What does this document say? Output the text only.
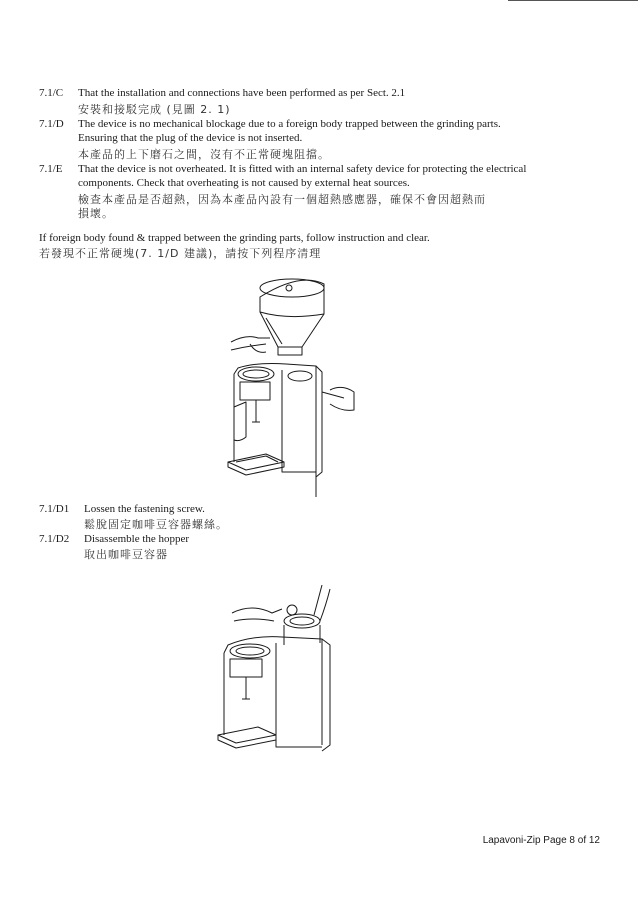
7.1/C That the installation and connections have been performed as per Sect. 2.1
安裝和接駁完成 (見圖 2. 1)
7.1/D The device is no mechanical blockage due to a foreign body trapped between the grinding parts.
Ensuring that the plug of the device is not inserted.
本產品的上下磨石之間，沒有不正常硬塊阻擋。
7.1/E That the device is not overheated. It is fitted with an internal safety device for protecting the electrical
components. Check that overheating is not caused by external heat sources.
檢查本產品是否超熱，因為本產品內設有一個超熱感應器，確保不會因超熱而
損壞。
If foreign body found & trapped between the grinding parts, follow instruction and clear.
若發現不正常硬塊(7. 1/D 建議)，請按下列程序清理
7.1/D1 Lossen the fastening screw.
鬆脫固定咖啡豆容器螺絲。
7.1/D2 Disassemble the hopper
取出咖啡豆容器
Lapavoni-Zip Page 8 of 12
